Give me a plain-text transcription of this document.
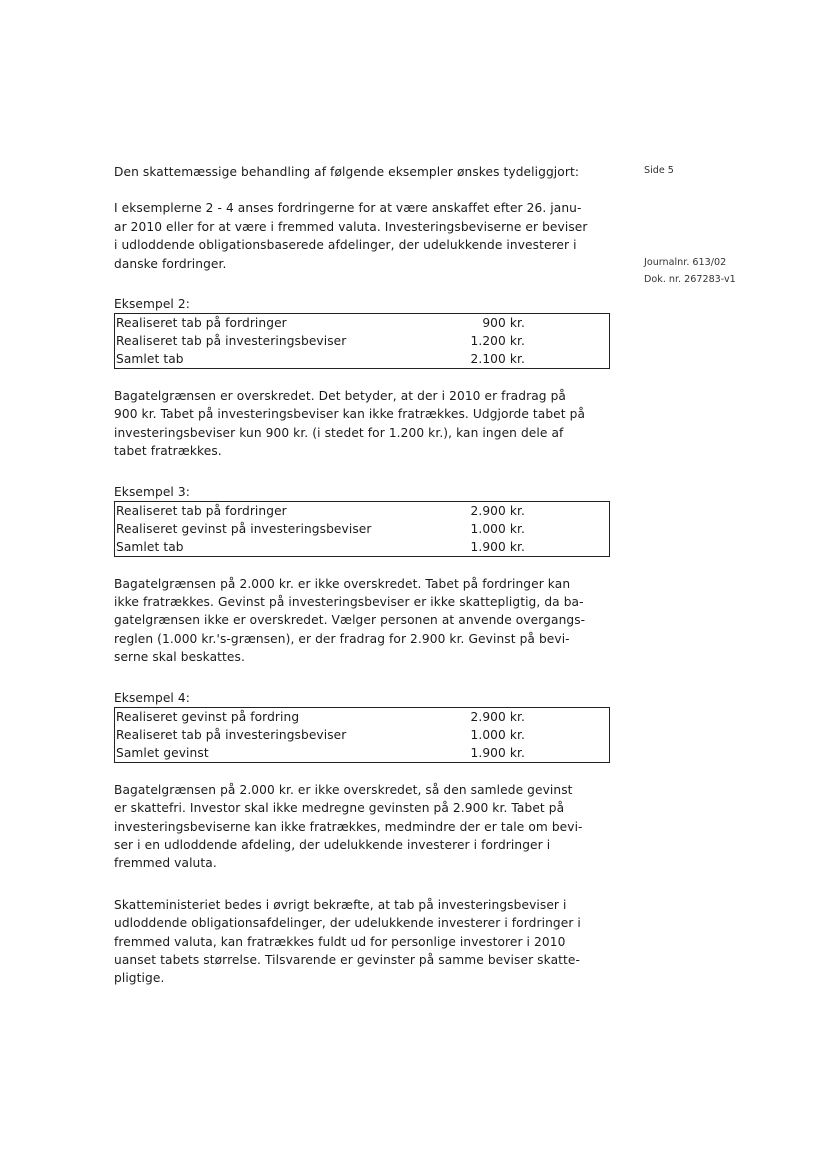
Side 5
Journalnr. 613/02
Dok. nr. 267283-v1

Den skattemæssige behandling af følgende eksempler ønskes tydeliggjort:

I eksemplerne 2 - 4 anses fordringerne for at være anskaffet efter 26. janu-
ar 2010 eller for at være i fremmed valuta. Investeringsbeviserne er beviser
i udloddende obligationsbaserede afdelinger, der udelukkende investerer i
danske fordringer.

Eksempel 2:

Realiseret tab på fordringer	900 kr.
Realiseret tab på investeringsbeviser	1.200 kr.
Samlet tab	2.100 kr.
Bagatelgrænsen er overskredet. Det betyder, at der i 2010 er fradrag på
900 kr. Tabet på investeringsbeviser kan ikke fratrækkes. Udgjorde tabet på
investeringsbeviser kun 900 kr. (i stedet for 1.200 kr.), kan ingen dele af
tabet fratrækkes.

Eksempel 3:

Realiseret tab på fordringer	2.900 kr.
Realiseret gevinst på investeringsbeviser	1.000 kr.
Samlet tab	1.900 kr.
Bagatelgrænsen på 2.000 kr. er ikke overskredet. Tabet på fordringer kan
ikke fratrækkes. Gevinst på investeringsbeviser er ikke skattepligtig, da ba-
gatelgrænsen ikke er overskredet. Vælger personen at anvende overgangs-
reglen (1.000 kr.'s-grænsen), er der fradrag for 2.900 kr. Gevinst på bevi-
serne skal beskattes.

Eksempel 4:

Realiseret gevinst på fordring	2.900 kr.
Realiseret tab på investeringsbeviser	1.000 kr.
Samlet gevinst	1.900 kr.
Bagatelgrænsen på 2.000 kr. er ikke overskredet, så den samlede gevinst
er skattefri. Investor skal ikke medregne gevinsten på 2.900 kr. Tabet på
investeringsbeviserne kan ikke fratrækkes, medmindre der er tale om bevi-
ser i en udloddende afdeling, der udelukkende investerer i fordringer i
fremmed valuta.
Skatteministeriet bedes i øvrigt bekræfte, at tab på investeringsbeviser i
udloddende obligationsafdelinger, der udelukkende investerer i fordringer i
fremmed valuta, kan fratrækkes fuldt ud for personlige investorer i 2010
uanset tabets størrelse. Tilsvarende er gevinster på samme beviser skatte-
pligtige.
